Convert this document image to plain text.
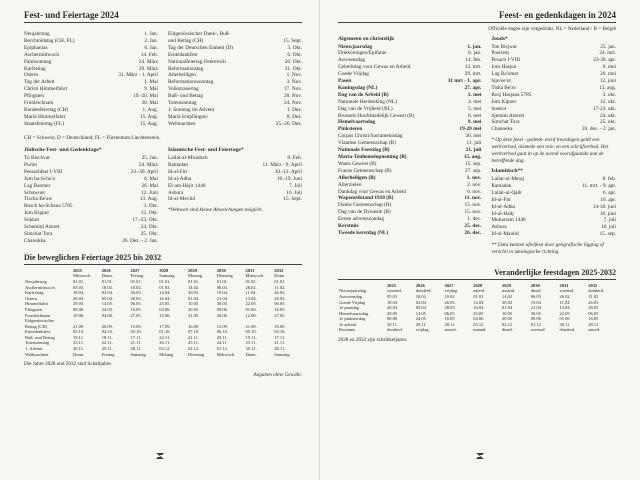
Fest- und Feiertage 2024
Neujahrstag	1. Jan.
Berchtoldstag (CH, FL)	2. Jan.
Epiphanias	6. Jan.
Aschermittwoch	14. Feb.
Palmsonntag	24. März
Karfreitag	29. März
Ostern	31. März - 1. April
Tag der Arbeit	1. Mai
Christi Himmelfahrt	9. Mai
Pfingsten	19.-20. Mai
Fronleichnam	30. Mai
Bundesfeiertag (CH)	1. Aug.
Mariä Himmelfahrt	15. Aug.
Staatsfeiertag (FL)	15. Aug.
Eidgenössischer Dank-, Buß-
und Bettag (CH)	15. Sept.
Tag der Deutschen Einheit (D)	3. Okt.
Erntedankfest	6. Okt.
Nationalfeiertag Österreich	26. Okt.
Reformationstag	31. Okt.
Allerheiligen	1. Nov.
Reformationssonntag	3. Nov.
Volkstrauertag	17. Nov.
Buß- und Bettag	20. Nov.
Totensonntag	24. Nov.
1. Sonntag im Advent	1. Dez.
Mariä Empfängnis	8. Dez.
Weihnachten	25.-26. Dez.
CH = Schweiz; D = Deutschland; FL = Fürstentum Liechtenstein.
Jüdische Fest- und Gedenktage*
Tu Bischvat	25. Jan.
Purim	24. März
Pessachfest I-VIII	23.-30. April
Jom ha-Scho'a	6. Mai
Lag Baomer	26. Mai
Schawuot	12. Juni
Tischa Be'aw	13. Aug.
Rosch ha-Schana 5785	3. Okt.
Jom Kippur	12. Okt.
Sukkot	17.-23. Okt.
Schemini Azeret	24. Okt.
Simchat Tora	25. Okt.
Chanukka	26. Dez. - 2. Jan.
Islamische Fest- und Feiertage*
Lailat-al-Miradsch	8. Feb.
Ramadan	11. März - 9. April
Id-al-Fitr	10.-12. April
Id-al-Adha	16.-19. Juni
El-am-Hejir 1446	7. Juli
Ashura	16. Juli
Id-al-Mevlid	15. Sept.
*Weltweit sind kleine Abweichungen möglich.
Die beweglichen Feiertage 2025 bis 2032
	2025	2026	2027	2028	2029	2030	2031	2032
	Mittwoch	Donn.	Freitag	Samstag	Montag	Dienstag	Mittwoch	Donn.
Neujahrstag	01.01.	01.01.	01.01.	01.01.	01.01.	01.01.	01.01.	01.01.
Aschermittwoch	05.03.	18.02.	10.02.	01.03.	14.02.	06.03.	26.02.	11.02.
Karfreitag	18.04.	03.04.	26.03.	14.04.	30.03.	19.04.	11.04.	26.03.
Ostern	20.04.	05.04.	28.03.	16.04.	01.04.	21.04.	13.04.	28.03.
Himmelfahrt	29.05.	14.05.	06.05.	25.05.	10.05.	30.05.	22.05.	06.05.
Pfingsten	08.06.	24.05.	16.05.	04.06.	20.05.	09.06.	01.06.	16.05.
Fronleichnam	19.06.	04.06.	27.05.	15.06.	31.05.	20.06.	12.06.	27.05.
Eidgenössischer								
Bettag (CH)	21.09.	20.09.	19.09.	17.09.	16.09.	15.09.	21.09.	19.09.
Erntedankfest	05.10.	04.10.	03.10.	01.10.	07.10.	06.10.	05.10.	03.10.
Buß- und Bettag	19.11.	18.11.	17.11.	22.11.	21.11.	20.11.	19.11.	17.11.
Totensonntag	23.11.	22.11.	21.11.	26.11.	25.11.	24.11.	23.11.	21.11.
1. Advent	30.11.	29.11.	28.11.	03.12.	02.12.	01.12.	30.11.	28.11.
Weihnachten	Donn.	Freitag	Samstag	Montag	Dienstag	Mittwoch	Donn.	Samstag
Die Jahre 2028 und 2032 sind Schaltjahre.
Angaben ohne Gewähr.
Feest- en gedenkdagen in 2024
Officiële dagen zijn vetgedrukt. NL = Nederland / B = België
Algemeen en christelijk
Nieuwjaarsdag	1. jan.
Driekoningen/Epifanie	6. jan.
Aswoensdag	14. feb.
Gebedsdag voor Gewas en Arbeid	13. mrt.
Goede Vrijdag	29. mrt.
Pasen	31 mrt - 1. apr.
Koningsdag (NL)	27. apr.
Dag van de Arbeid (B)	1. mei
Nationale Herdenking (NL)	4. mei
Dag van de Vrijheid (NL)	5. mei
Brussels Hoofdstedelijk Gewest (B)	8. mei
Hemelvaartsdag	9. mei
Pinksteren	19-20 mei
Corpus Christi/Sacramentsdag	30. mei
Vlaamse Gemeenschap (B)	11. juli
Nationale Feestdag (B)	21. juli
Maria-Tenhemelopneming (B)	15. aug.
Waals Gewest (B)	15. sep.
Franse Gemeenschap (B)	27. sep.
Allerheiligen (B)	1. nov.
Allerzielen	2. nov.
Dankdag voor Gewas en Arbeid	6. nov.
Wapenstilstand 1918 (B)	11. nov.
Duitse Gemeenschap (B)	15. nov.
Dag van de Dynastie (B)	15. nov.
Eerste adventszondag	1. dec.
Kerstmis	25. dec.
Tweede kerstdag (NL)	26. dec.
Joods*
Toe Bisjwat	25. jan.
Poeriem	24. mrt.
Pesach I-VIII	23-30. apr.
Jom Hasjoa	6. mei
Lag Ba'omer	26. mei
Sjavoe'ot	12. juni
Tisha Be'av	13. aug.
Rosj Hasjana 5785	3. okt.
Jom Kipoer	12. okt.
Soekot	17-23. okt.
Sjemini Atseret	24. okt.
Simchat Tora	25. okt.
Chanoeka	26. dec. - 2. jan.
* Op deze feest - gedenk- en/of treurdagen geldt een werkverbod, alsmede een reis- en een schrijfverbod. Het werkverbod gaat in op de avond voorafgaande aan de betreffende dag.
Islamitisch**
Lailat-ul-Meraj	8. feb.
Ramadan	11. mrt. - 9. apr.
Lailat-ul-Qadr	6. apr.
Id-ul-Fitr	10. apr.
Id-ul-Adha	14-18. juni
Id-ul-Hadj	16. juni
Muharram 1446	7. juli
Ashura	16. juli
Id-ul-Maulid	15. sep.
** Data kunnen afwijken door geografische ligging of verschil in idealogische richting.
Veranderlijke feestdagen 2025-2032
	2025	2026	2027	2028	2029	2030	2031	2032
Nieuwjaarsdag	woensd.	donderd.	vrijdag	zaterd.	maand.	dinsd.	woensd.	donderd.
Aswoensdag	05.03	18.02	10.02	01.03	14.02	06.03	26.02	11.02
Goede Vrijdag	18.04	03.04	26.03	14.04	30.03	19.04	11.04	26.03
1e paasdag	20.04	05.04	28.03	16.04	01.04	21.04	13.04	28.03
Hemelvaartsdag	29.05	14.05	06.05	25.05	10.05	30.05	22.05	06.05
1e pinksterdag	08.06	24.05	16.05	04.06	20.05	09.06	01.06	16.05
1e advent	30.11	29.11	28.11	03.12	02.12	01.12	30.11	28.11
Kerstmis	donderd.	vrijdag	zaterd.	maand.	dinsd.	woensd.	donderd.	zaterd.
2028 en 2032 zijn schrikkeljaren.
